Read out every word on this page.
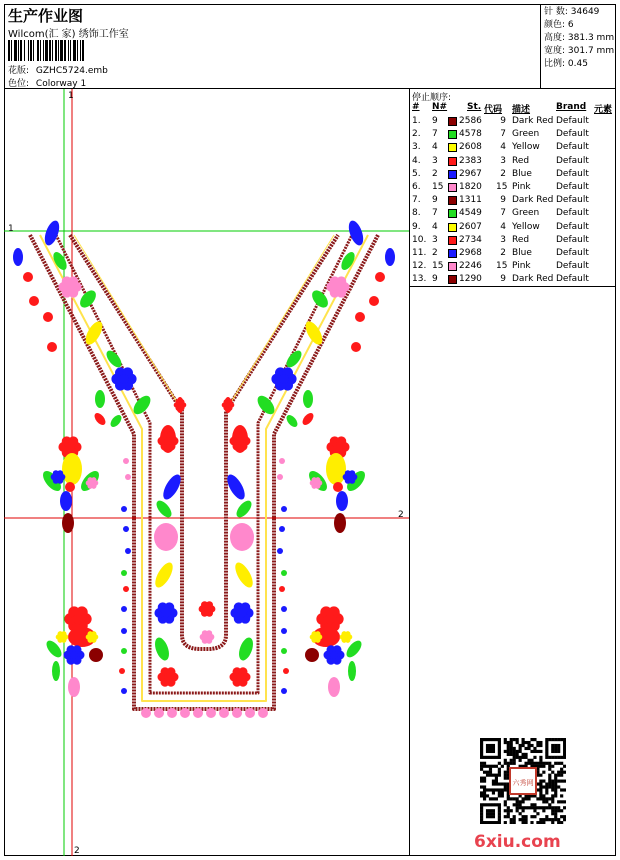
生产作业图
Wilcom(汇 家) 绣饰工作室
花版: GZHC5724.emb
色位: Colorway 1
针 数: 34649
颜色: 6
高度: 381.3 mm
宽度: 301.7 mm
比例: 0.45
1
2
1
2
停止顺序:
# N# St. 代码 描述	Brand 元素
1. 9 2586	9 Dark Red Default
2. 7 4578	7 Green Default
3. 4 2608	4 Yellow Default
4. 3 2383	3 Red	Default
5. 2 2967	2 Blue	Default
6. 15 1820 15 Pink	Default
7. 9 1311	9 Dark Red Default
8. 7 4549	7 Green Default
9. 4 2607	4 Yellow Default
10. 3 2734	3 Red	Default
11. 2 2968	2 Blue	Default
12. 15 2246 15 Pink	Default
13. 9 1290	9 Dark Red Default
六秀网
6xiu.com
